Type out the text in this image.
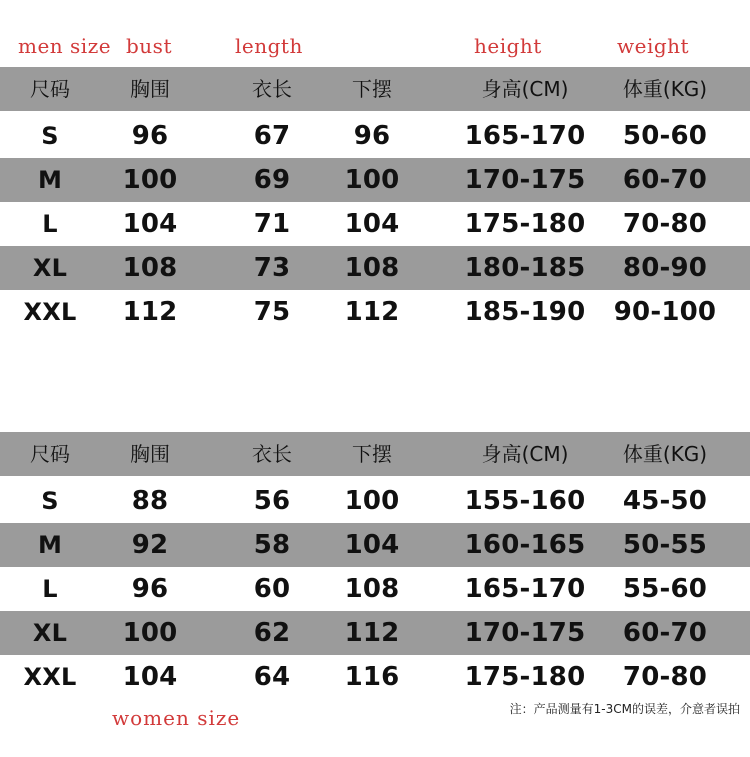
men size bust	length	height	weight
尺码	胸围	衣长	下摆	身高(CM)	体重(KG)
S	96	67	96	165-170	50-60
M	100	69	100	170-175	60-70
L	104	71	104	175-180	70-80
XL	108	73	108	180-185	80-90
XXL	112	75	112	185-190	90-100
尺码	胸围	衣长	下摆	身高(CM)	体重(KG)
S	88	56	100	155-160	45-50
M	92	58	104	160-165	50-55
L	96	60	108	165-170	55-60
XL	100	62	112	170-175	60-70
XXL	104	64	116	175-180	70-80
women size	注：产品测量有1-3CM的误差，介意者误拍
